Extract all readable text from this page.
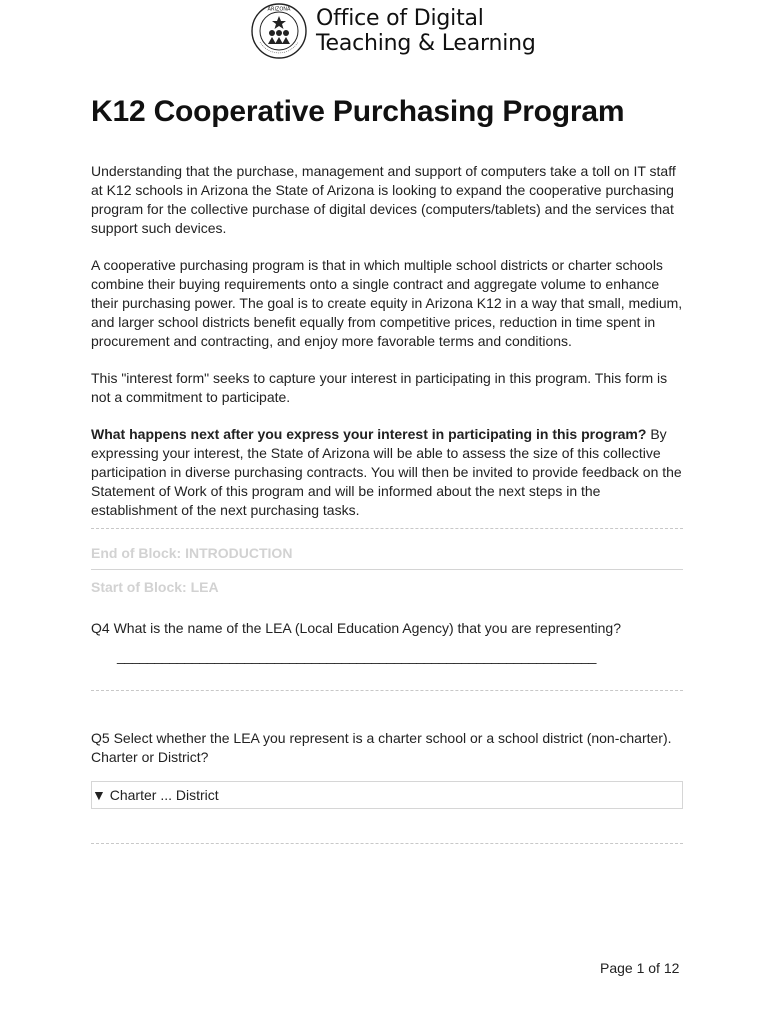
ARIZONA Office of Digital
Teaching & Learning
K12 Cooperative Purchasing Program

Understanding that the purchase, management and support of computers take a toll on IT staff at K12 schools in Arizona the State of Arizona is looking to expand the cooperative purchasing program for the collective purchase of digital devices (computers/tablets) and the services that support such devices.

A cooperative purchasing program is that in which multiple school districts or charter schools combine their buying requirements onto a single contract and aggregate volume to enhance their purchasing power. The goal is to create equity in Arizona K12 in a way that small, medium, and larger school districts benefit equally from competitive prices, reduction in time spent in procurement and contracting, and enjoy more favorable terms and conditions.

This "interest form" seeks to capture your interest in participating in this program. This form is not a commitment to participate.

What happens next after you express your interest in participating in this program? By expressing your interest, the State of Arizona will be able to assess the size of this collective participation in diverse purchasing contracts. You will then be invited to provide feedback on the Statement of Work of this program and will be informed about the next steps in the establishment of the next purchasing tasks.

End of Block: INTRODUCTION
Start of Block: LEA
Q4 What is the name of the LEA (Local Education Agency) that you are representing?
________________________________________________________________
Q5 Select whether the LEA you represent is a charter school or a school district (non-charter).
Charter or District?
▼ Charter ... District
Page 1 of 12
